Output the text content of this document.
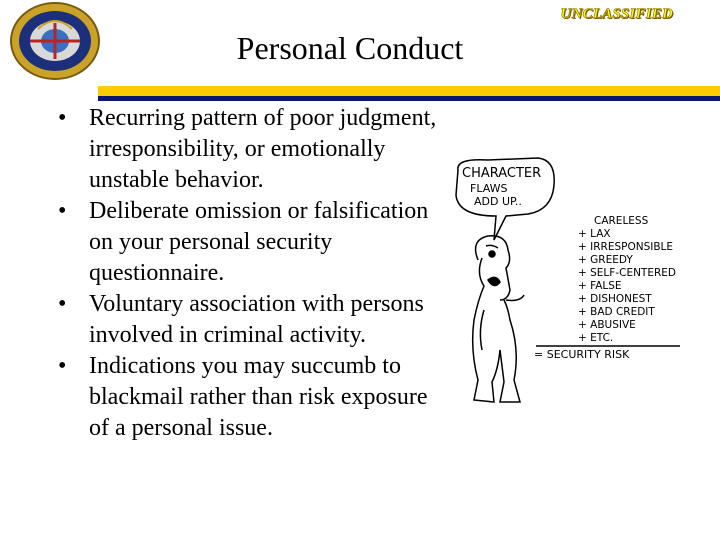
UNCLASSIFIED
Personal Conduct
• Recurring pattern of poor judgment, irresponsibility, or emotionally unstable behavior.
• Deliberate omission or falsification on your personal security questionnaire.
• Voluntary association with persons involved in criminal activity.
• Indications you may succumb to blackmail rather than risk exposure of a personal issue.
CHARACTER
FLAWS
ADD UP..
CARELESS
+ LAX
+ IRRESPONSIBLE
+ GREEDY
+ SELF-CENTERED
+ FALSE
+ DISHONEST
+ BAD CREDIT
+ ABUSIVE
+ ETC.
= SECURITY RISK
